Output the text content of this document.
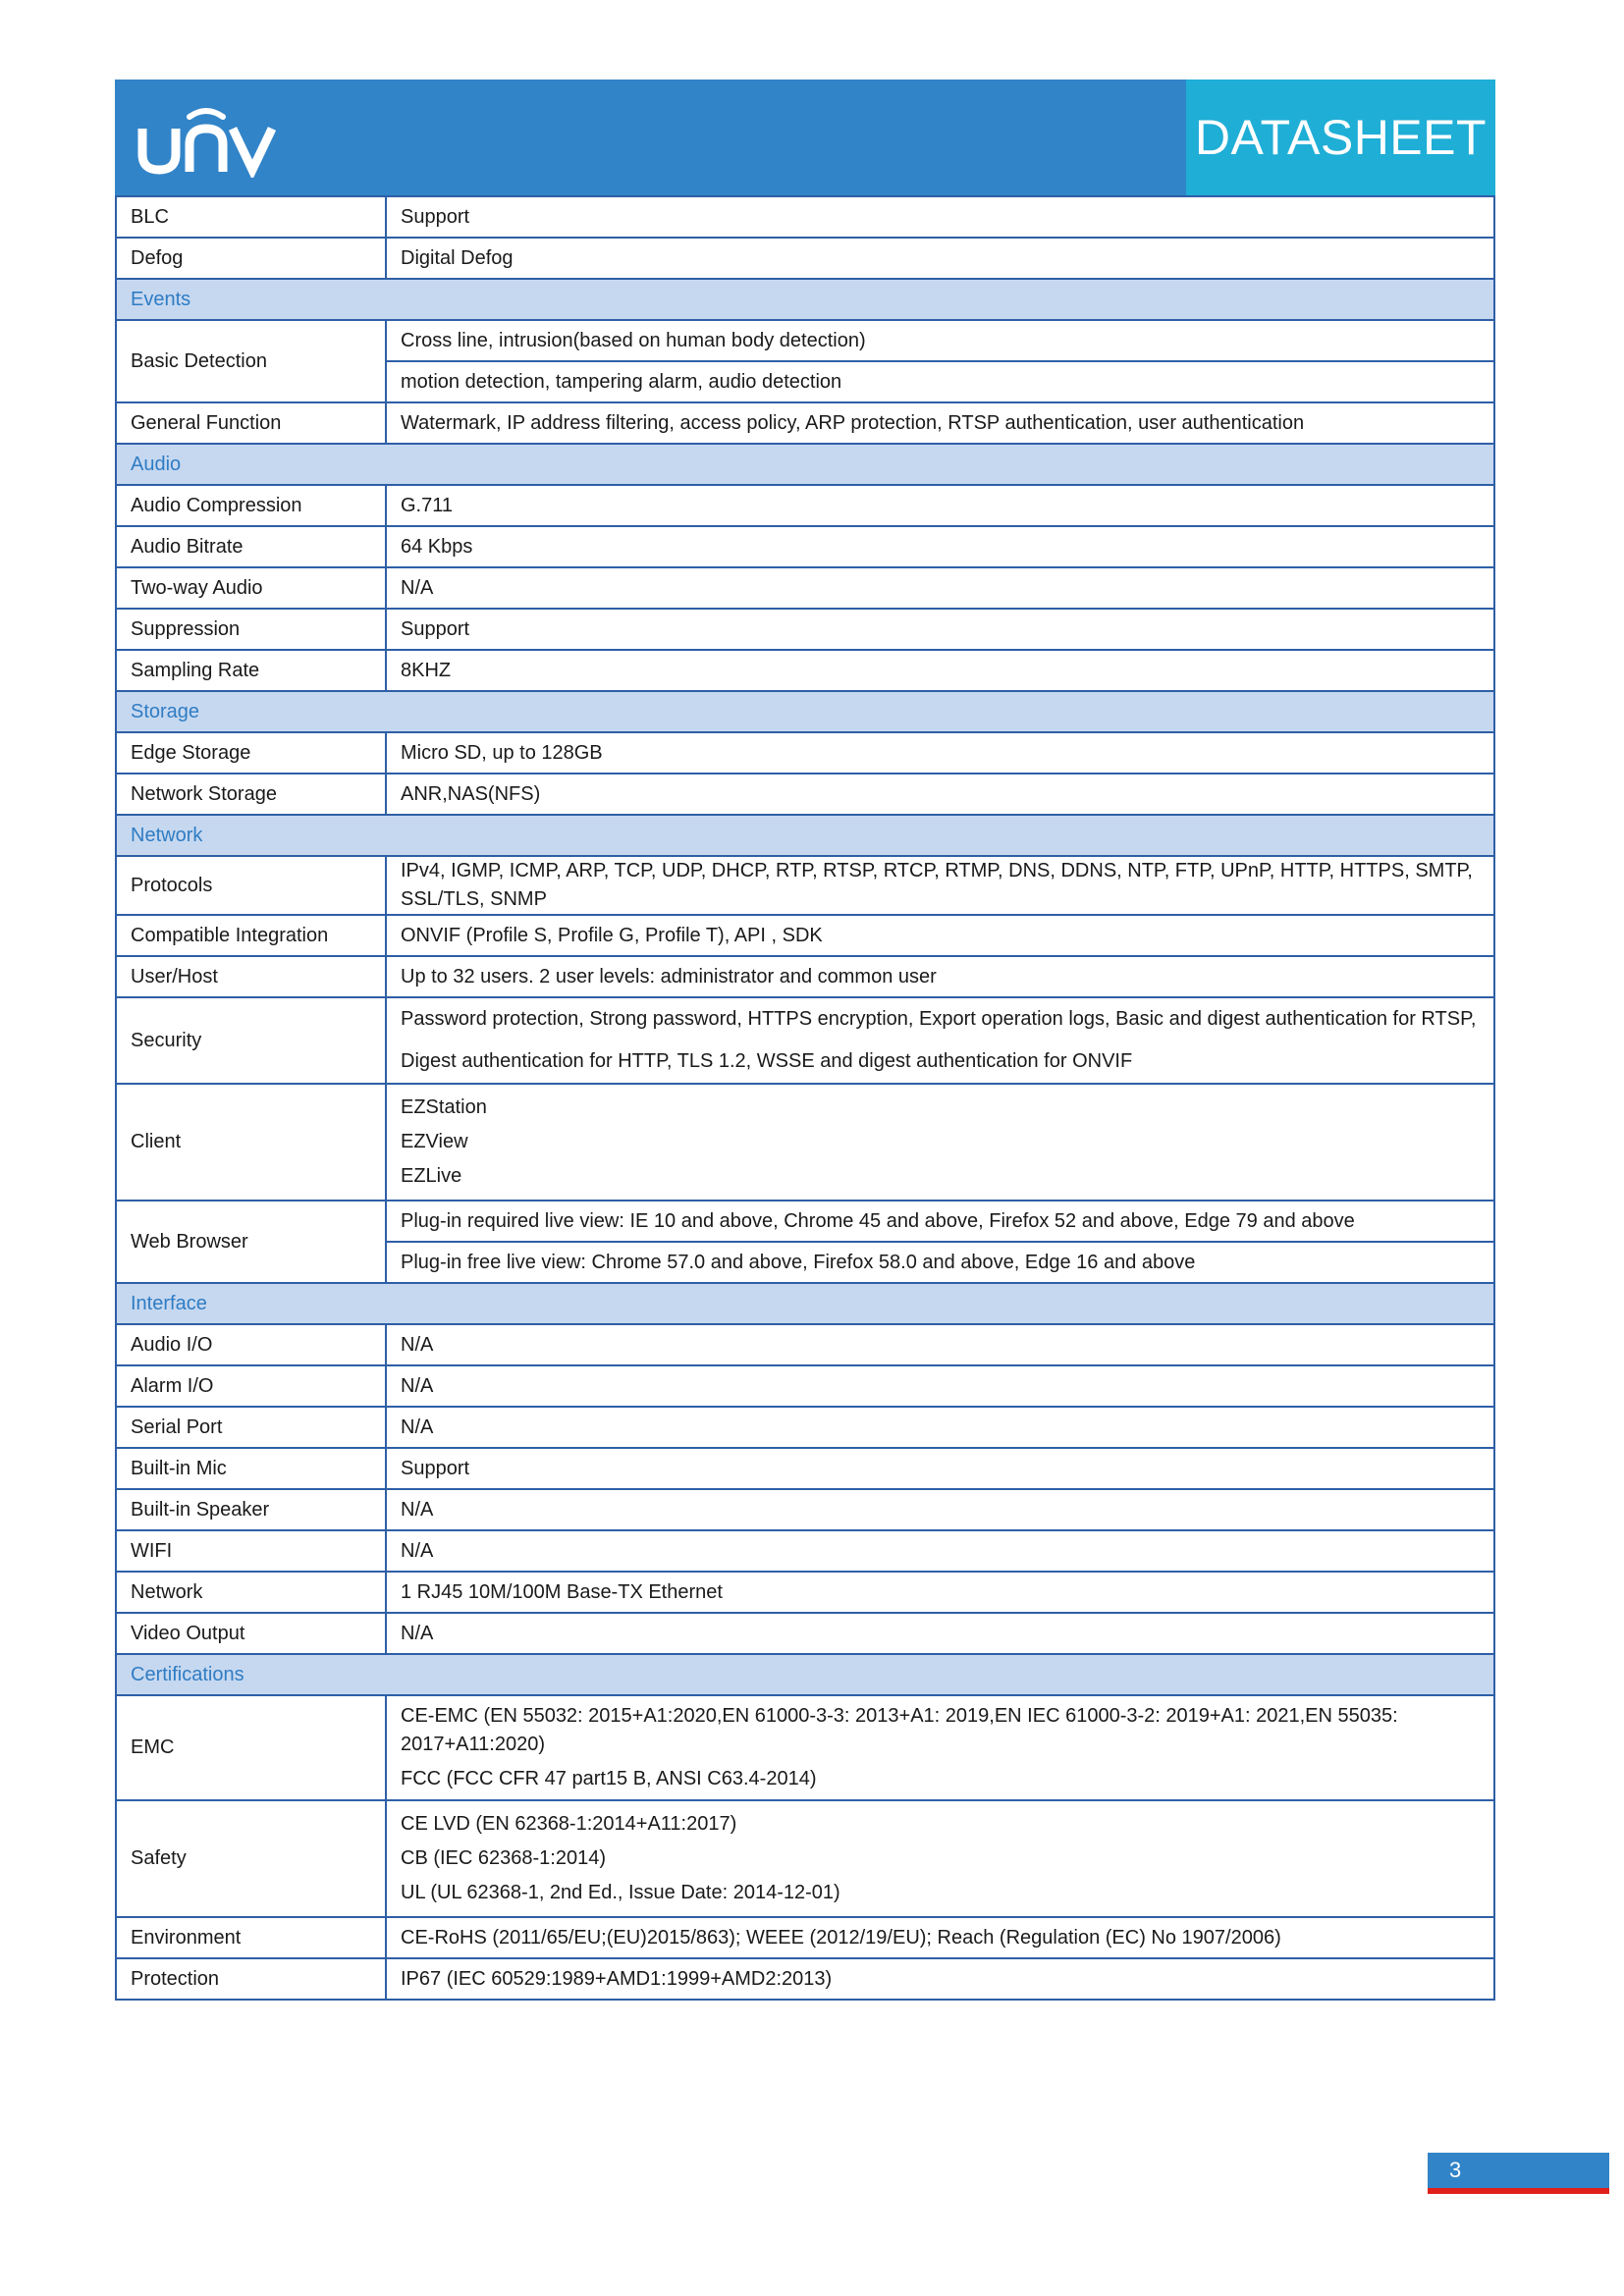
DATASHEET
BLC	Support
Defog	Digital Defog
Events	
Basic Detection	Cross line, intrusion(based on human body detection)
	motion detection, tampering alarm, audio detection
General Function	Watermark, IP address filtering, access policy, ARP protection, RTSP authentication, user authentication
Audio	
Audio Compression	G.711
Audio Bitrate	64 Kbps
Two-way Audio	N/A
Suppression	Support
Sampling Rate	8KHZ
Storage	
Edge Storage	Micro SD, up to 128GB
Network Storage	ANR,NAS(NFS)
Network	
Protocols	IPv4, IGMP, ICMP, ARP, TCP, UDP, DHCP, RTP, RTSP, RTCP, RTMP, DNS, DDNS, NTP, FTP, UPnP, HTTP, HTTPS, SMTP, SSL/TLS, SNMP
Compatible Integration	ONVIF (Profile S, Profile G, Profile T), API , SDK
User/Host	Up to 32 users. 2 user levels: administrator and common user
Security	Password protection, Strong password, HTTPS encryption, Export operation logs, Basic and digest authentication for RTSP,
Digest authentication for HTTP, TLS 1.2, WSSE and digest authentication for ONVIF

Client	EZStation
EZView
EZLive

Web Browser	Plug-in required live view: IE 10 and above, Chrome 45 and above, Firefox 52 and above, Edge 79 and above
	Plug-in free live view: Chrome 57.0 and above, Firefox 58.0 and above, Edge 16 and above
Interface	
Audio I/O	N/A
Alarm I/O	N/A
Serial Port	N/A
Built-in Mic	Support
Built-in Speaker	N/A
WIFI	N/A
Network	1 RJ45 10M/100M Base-TX Ethernet
Video Output	N/A
Certifications	
EMC	CE-EMC (EN 55032: 2015+A1:2020,EN 61000-3-3: 2013+A1: 2019,EN IEC 61000-3-2: 2019+A1: 2021,EN 55035: 2017+A11:2020)
FCC (FCC CFR 47 part15 B, ANSI C63.4-2014)

Safety	CE LVD (EN 62368-1:2014+A11:2017)
CB (IEC 62368-1:2014)
UL (UL 62368-1, 2nd Ed., Issue Date: 2014-12-01)

Environment	CE-RoHS (2011/65/EU;(EU)2015/863); WEEE (2012/19/EU); Reach (Regulation (EC) No 1907/2006)
Protection	IP67 (IEC 60529:1989+AMD1:1999+AMD2:2013)
3
